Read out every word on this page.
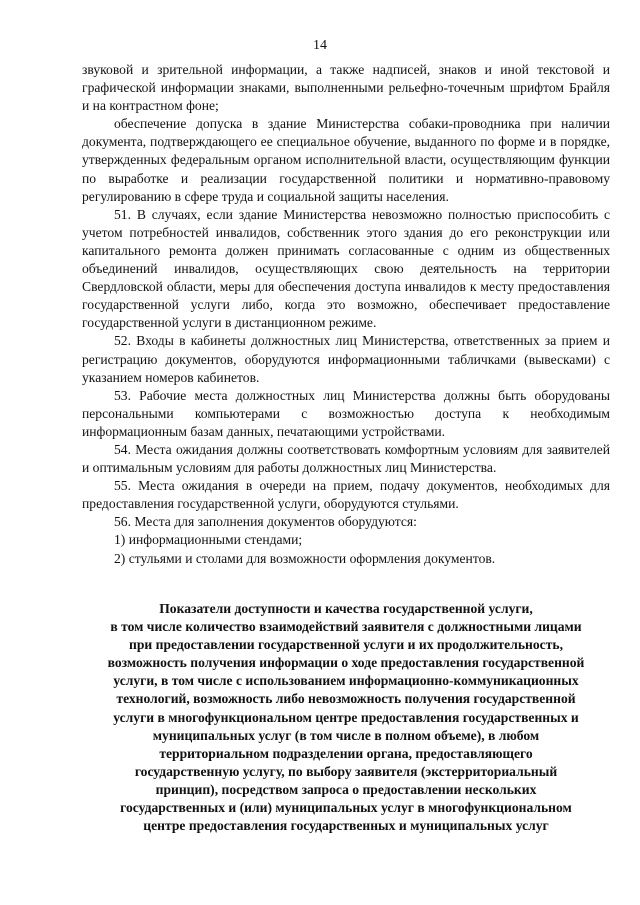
14

звуковой и зрительной информации, а также надписей, знаков и иной текстовой и графической информации знаками, выполненными рельефно-точечным шрифтом Брайля и на контрастном фоне;

обеспечение допуска в здание Министерства собаки-проводника при наличии документа, подтверждающего ее специальное обучение, выданного по форме и в порядке, утвержденных федеральным органом исполнительной власти, осуществляющим функции по выработке и реализации государственной политики и нормативно-правовому регулированию в сфере труда и социальной защиты населения.

51. В случаях, если здание Министерства невозможно полностью приспособить с учетом потребностей инвалидов, собственник этого здания до его реконструкции или капитального ремонта должен принимать согласованные с одним из общественных объединений инвалидов, осуществляющих свою деятельность на территории Свердловской области, меры для обеспечения доступа инвалидов к месту предоставления государственной услуги либо, когда это возможно, обеспечивает предоставление государственной услуги в дистанционном режиме.

52. Входы в кабинеты должностных лиц Министерства, ответственных за прием и регистрацию документов, оборудуются информационными табличками (вывесками) с указанием номеров кабинетов.

53. Рабочие места должностных лиц Министерства должны быть оборудованы персональными компьютерами с возможностью доступа к необходимым информационным базам данных, печатающими устройствами.

54. Места ожидания должны соответствовать комфортным условиям для заявителей и оптимальным условиям для работы должностных лиц Министерства.

55. Места ожидания в очереди на прием, подачу документов, необходимых для предоставления государственной услуги, оборудуются стульями.

56. Места для заполнения документов оборудуются:

1) информационными стендами;

2) стульями и столами для возможности оформления документов.

Показатели доступности и качества государственной услуги,
в том числе количество взаимодействий заявителя с должностными лицами
при предоставлении государственной услуги и их продолжительность,
возможность получения информации о ходе предоставления государственной
услуги, в том числе с использованием информационно-коммуникационных
технологий, возможность либо невозможность получения государственной
услуги в многофункциональном центре предоставления государственных и
муниципальных услуг (в том числе в полном объеме), в любом
территориальном подразделении органа, предоставляющего
государственную услугу, по выбору заявителя (экстерриториальный
принцип), посредством запроса о предоставлении нескольких
государственных и (или) муниципальных услуг в многофункциональном
центре предоставления государственных и муниципальных услуг
